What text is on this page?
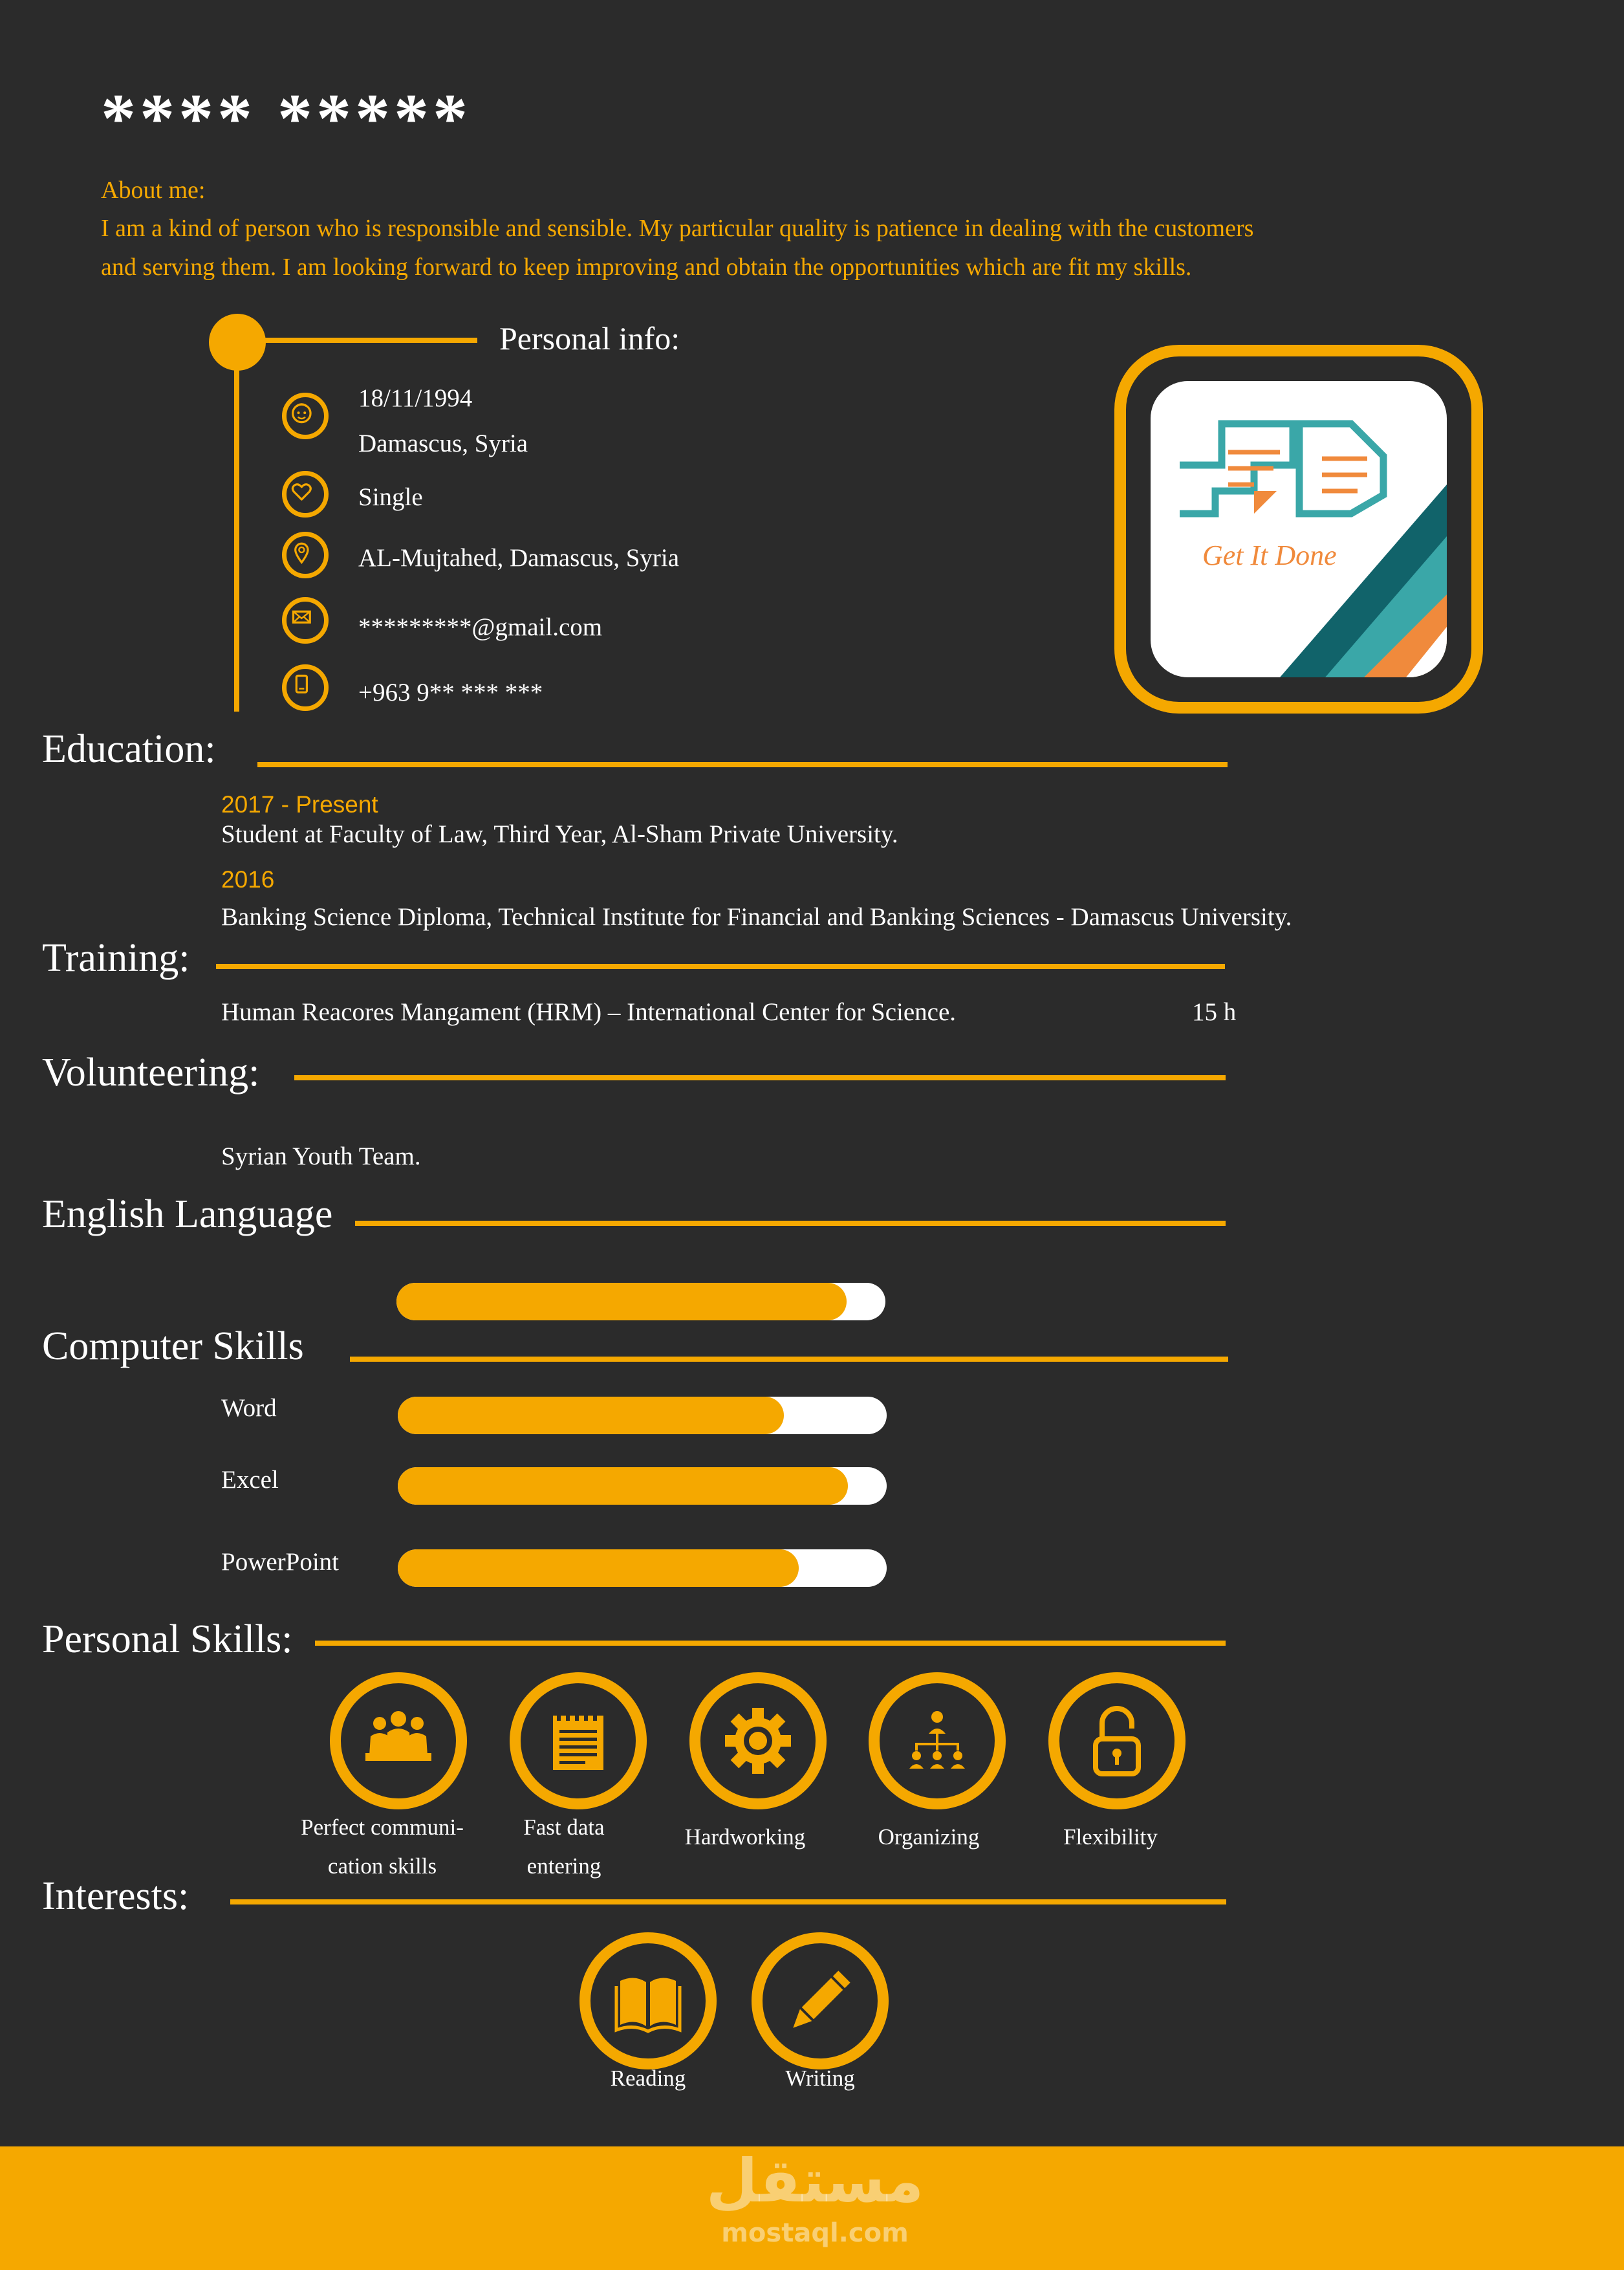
**** *****
About me:
I am a kind of person who is responsible and sensible. My particular quality is patience in dealing with the customers
and serving them. I am looking forward to keep improving and obtain the opportunities which are fit my skills.
Personal info:
18/11/1994
Damascus, Syria
Single
AL-Mujtahed, Damascus, Syria
*********@gmail.com
+963 9** *** ***
Get It Done
Education:
2017 - Present
Student at Faculty of Law, Third Year, Al-Sham Private University.
2016
Banking Science Diploma, Technical Institute for Financial and Banking Sciences - Damascus University.
Training:
Human Reacores Mangament (HRM) – International Center for Science.	15 h
Volunteering:
Syrian Youth Team.
English Language
Computer Skills
Word
Excel
PowerPoint
Personal Skills:
Perfect communi-
cation skills
Fast data
entering
Hardworking	Organizing	Flexibility
Interests:
Reading	Writing
مستقل
mostaql.com
